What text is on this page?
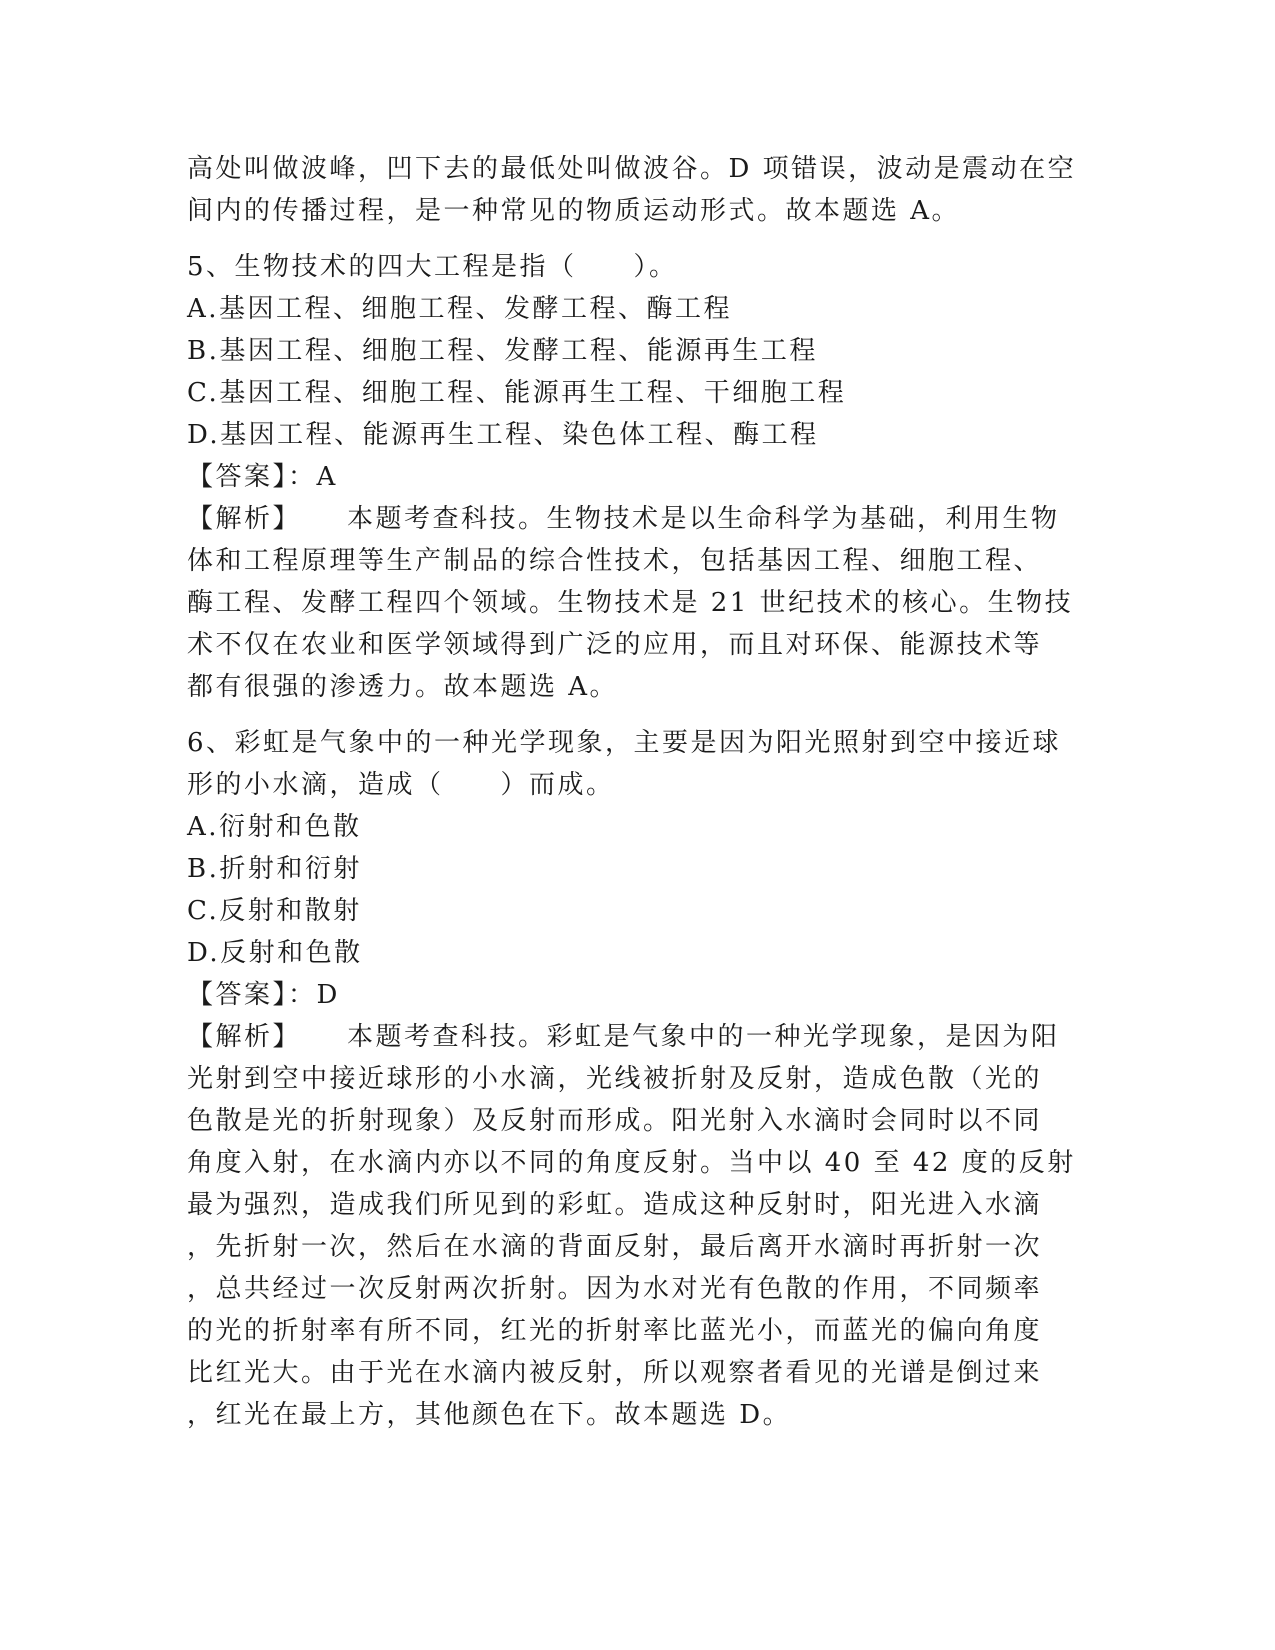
高处叫做波峰，凹下去的最低处叫做波谷。D 项错误，波动是震动在空
间内的传播过程，是一种常见的物质运动形式。故本题选 A。
5、生物技术的四大工程是指（　　）。
A.基因工程、细胞工程、发酵工程、酶工程
B.基因工程、细胞工程、发酵工程、能源再生工程
C.基因工程、细胞工程、能源再生工程、干细胞工程
D.基因工程、能源再生工程、染色体工程、酶工程
【答案】：A
【解析】 本题考查科技。生物技术是以生命科学为基础，利用生物
体和工程原理等生产制品的综合性技术，包括基因工程、细胞工程、
酶工程、发酵工程四个领域。生物技术是 21 世纪技术的核心。生物技
术不仅在农业和医学领域得到广泛的应用，而且对环保、能源技术等
都有很强的渗透力。故本题选 A。
6、彩虹是气象中的一种光学现象，主要是因为阳光照射到空中接近球
形的小水滴，造成（　　）而成。
A.衍射和色散
B.折射和衍射
C.反射和散射
D.反射和色散
【答案】：D
【解析】 本题考查科技。彩虹是气象中的一种光学现象，是因为阳
光射到空中接近球形的小水滴，光线被折射及反射，造成色散（光的
色散是光的折射现象）及反射而形成。阳光射入水滴时会同时以不同
角度入射，在水滴内亦以不同的角度反射。当中以 40 至 42 度的反射
最为强烈，造成我们所见到的彩虹。造成这种反射时，阳光进入水滴
，先折射一次，然后在水滴的背面反射，最后离开水滴时再折射一次
，总共经过一次反射两次折射。因为水对光有色散的作用，不同频率
的光的折射率有所不同，红光的折射率比蓝光小，而蓝光的偏向角度
比红光大。由于光在水滴内被反射，所以观察者看见的光谱是倒过来
，红光在最上方，其他颜色在下。故本题选 D。
